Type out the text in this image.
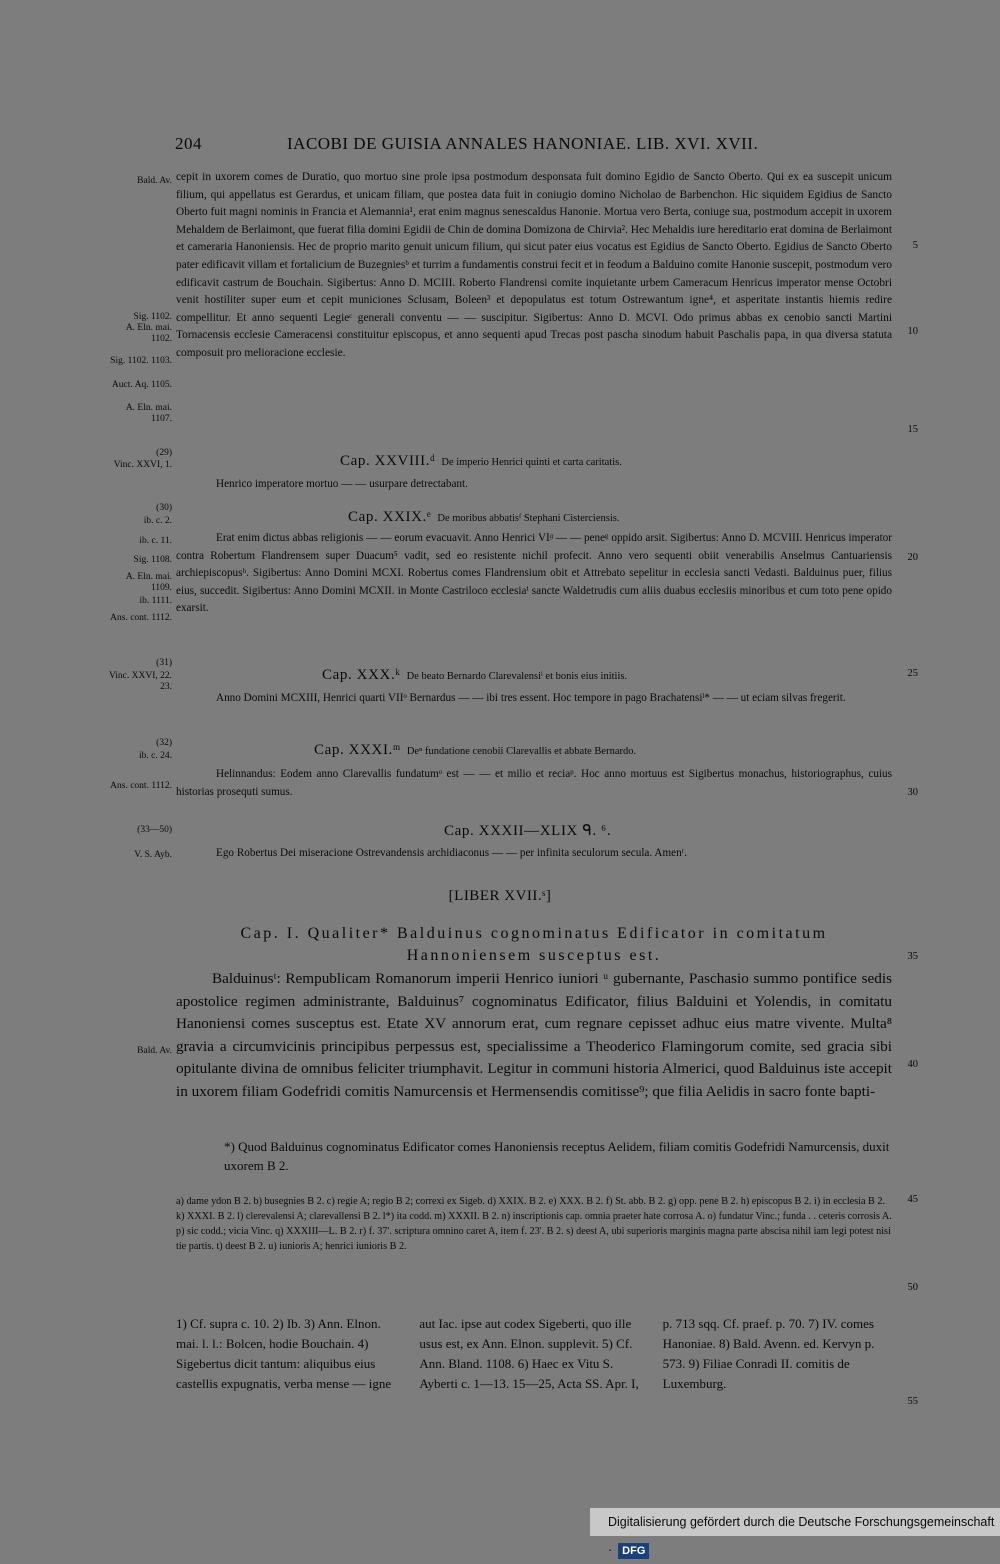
204	IACOBI DE GUISIA ANNALES HANONIAE. LIB. XVI. XVII.
Bald. Av.
Sig. 1102.
A. Eln. mai. 1102.
Sig. 1102. 1103.
Auct. Aq. 1105.
A. Eln. mai. 1107.

cepit in uxorem comes de Duratio, quo mortuo sine prole ipsa postmodum desponsata fuit domino Egidio de Sancto Oberto. Qui ex ea suscepit unicum filium, qui appellatus est Gerardus, et unicam filiam, que postea data fuit in coniugio domino Nicholao de Barbenchon. Hic siquidem Egidius de Sancto Oberto fuit magni nominis in Francia et Alemannia¹, erat enim magnus senescaldus Hanonie. Mortua vero Berta, coniuge sua, postmodum accepit in uxorem Mehaldem de Berlaimont, que fuerat filia domini Egidii de Chin de domina Domizona de Chirvia². Hec Mehaldis iure hereditario erat domina de Berlaimont et cameraria Hanoniensis. Hec de proprio marito genuit unicum filium, qui sicut pater eius vocatus est Egidius de Sancto Oberto. Egidius de Sancto Oberto pater edificavit villam et fortalicium de Buzegniesᵇ et turrim a fundamentis construi fecit et in feodum a Balduino comite Hanonie suscepit, postmodum vero edificavit castrum de Bouchain. Sigibertus: Anno D. MCIII. Roberto Flandrensi comite inquietante urbem Cameracum Henricus imperator mense Octobri venit hostiliter super eum et cepit municiones Sclusam, Boleen³ et depopulatus est totum Ostrewantum igne⁴, et asperitate instantis hiemis redire compellitur. Et anno sequenti Legieᶜ generali conventu — — suscipitur. Sigibertus: Anno D. MCVI. Odo primus abbas ex cenobio sancti Martini Tornacensis ecclesie Cameracensi constituitur episcopus, et anno sequenti apud Trecas post pascha sinodum habuit Paschalis papa, in qua diversa statuta composuit pro melioracione ecclesie.

5
10
15
(29)
Vinc. XXVI, 1.	Cap. XXVIII.ᵈ De imperio Henrici quinti et carta caritatis.

Henrico imperatore mortuo — — usurpare detrectabant.

(30)
ib. c. 2.	Cap. XXIX.ᵉ De moribus abbatisᶠ Stephani Cisterciensis.
ib. c. 11.
Sig. 1108.
A. Eln. mai. 1109.
ib. 1111.
Ans. cont. 1112.

Erat enim dictus abbas religionis — — eorum evacuavit. Anno Henrici VIᶢ — — peneᵍ oppido arsit. Sigibertus: Anno D. MCVIII. Henricus imperator contra Robertum Flandrensem super Duacum⁵ vadit, sed eo resistente nichil profecit. Anno vero sequenti obiit venerabilis Anselmus Cantuariensis archiepiscopusʰ. Sigibertus: Anno Domini MCXI. Robertus comes Flandrensium obit et Attrebato sepelitur in ecclesia sancti Vedasti. Balduinus puer, filius eius, succedit. Sigibertus: Anno Domini MCXII. in Monte Castriloco ecclesiaⁱ sancte Waldetrudis cum aliis duabus ecclesiis minoribus et cum toto pene opido exarsit.

20
(31)
Vinc. XXVI, 22. 23.
Cap. XXX.ᵏ De beato Bernardo Clarevalensiˡ et bonis eius initiis.

Anno Domini MCXIII, Henrici quarti VIIᵒ Bernardus — — ibi tres essent. Hoc tempore in pago Brachatensiˡ* — — ut eciam silvas fregerit.

25
(32)
ib. c. 24.	Cap. XXXI.ᵐ Deⁿ fundatione cenobii Clarevallis et abbate Bernardo.
Ans. cont. 1112.

Helinnandus: Eodem anno Clarevallis fundatumᵒ est — — et milio et reciaᵖ. Hoc anno mortuus est Sigibertus monachus, historiographus, cuius historias prosequti sumus.	30
(33—50)
V. S. Ayb.
Cap. XXXII—XLIX ᑫ. ⁶.

Ego Robertus Dei miseracione Ostrevandensis archidiaconus — — per infinita seculorum secula. Amenʳ.

[LIBER XVII.ˢ]
Cap. I. Qualiter* Balduinus cognominatus Edificator in comitatum
Hannoniensem susceptus est.	35
Bald. Av.

Balduinusᵗ: Rempublicam Romanorum imperii Henrico iuniori ᵘ gubernante, Paschasio summo pontifice sedis apostolice regimen administrante, Balduinus⁷ cognominatus Edificator, filius Balduini et Yolendis, in comitatu Hanoniensi comes susceptus est. Etate XV annorum erat, cum regnare cepisset adhuc eius matre vivente. Multa⁸ gravia a circumvicinis principibus perpessus est, specialissime a Theoderico Flamingorum comite, sed gracia sibi opitulante divina de omnibus feliciter triumphavit. Legitur in communi historia Almerici, quod Balduinus iste accepit in uxorem filiam Godefridi comitis Namurcensis et Hermensendis comitisse⁹; que filia Aelidis in sacro fonte bapti-

40

*) Quod Balduinus cognominatus Edificator comes Hanoniensis receptus Aelidem, filiam comitis Godefridi Namurcensis, duxit uxorem B 2.

a) dame ydon B 2. b) busegnies B 2. c) regie A; regio B 2; correxi ex Sigeb. d) XXIX. B 2. e) XXX. B 2. f) St. abb. B 2. g) opp. pene B 2. h) episcopus B 2. i) in ecclesia B 2. k) XXXI. B 2. l) clerevalensi A; clarevallensi B 2. l*) ita codd. m) XXXII. B 2. n) inscriptionis cap. omnia praeter hate corrosa A. o) fundatur Vinc.; funda . . ceteris corrosis A. p) sic codd.; vicia Vinc. q) XXXIII—L. B 2. r) f. 37'. scriptura omnino caret A, item f. 23'. B 2. s) deest A, ubi superioris marginis magna parte abscisa nihil iam legi potest nisi tie partis. t) deest B 2. u) iunioris A; henrici iunioris B 2.

45
50

1) Cf. supra c. 10. 2) Ib. 3) Ann. Elnon. mai. l. l.: Bolcen, hodie Bouchain. 4) Sigebertus dicit tantum: aliquibus eius castellis expugnatis, verba mense — igne aut Iac. ipse aut codex Sigeberti, quo ille usus est, ex Ann. Elnon. supplevit. 5) Cf. Ann. Bland. 1108. 6) Haec ex Vitu S. Ayberti c. 1—13. 15—25, Acta SS. Apr. I, p. 713 sqq. Cf. praef. p. 70. 7) IV. comes Hanoniae. 8) Bald. Avenn. ed. Kervyn p. 573. 9) Filiae Conradi II. comitis de Luxemburg.

55
Digitalisierung gefördert durch die Deutsche Forschungsgemeinschaft · DFG
